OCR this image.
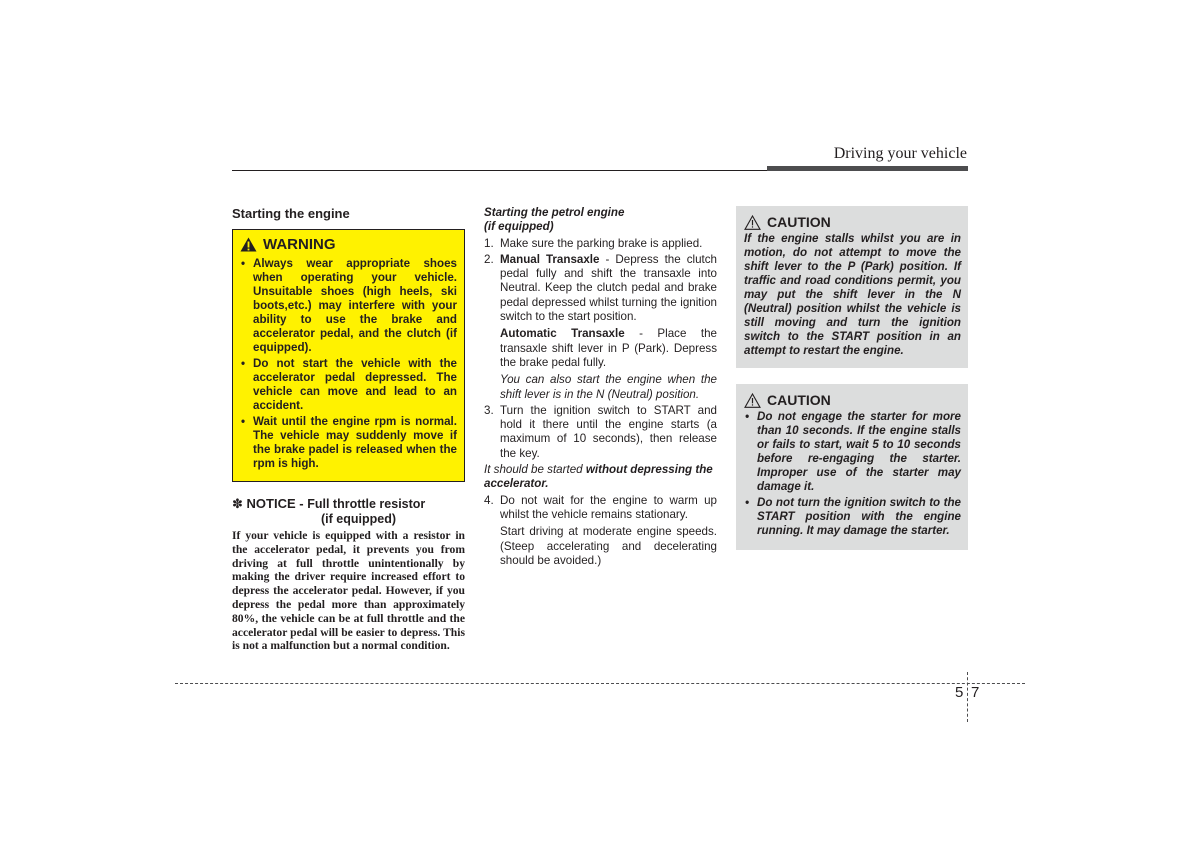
Driving your vehicle
Starting the engine
WARNING
• Always wear appropriate shoes when operating your vehicle. Unsuitable shoes (high heels, ski boots,etc.) may interfere with your ability to use the brake and accelerator pedal, and the clutch (if equipped).
• Do not start the vehicle with the accelerator pedal depressed. The vehicle can move and lead to an accident.
• Wait until the engine rpm is normal. The vehicle may suddenly move if the brake padel is released when the rpm is high.
✽ NOTICE - Full throttle resistor
(if equipped)
If your vehicle is equipped with a resistor in the accelerator pedal, it prevents you from driving at full throttle unintentionally by making the driver require increased effort to depress the accelerator pedal. However, if you depress the pedal more than approximately 80%, the vehicle can be at full throttle and the accelerator pedal will be easier to depress. This is not a malfunction but a normal condition.
Starting the petrol engine
(if equipped)
1. Make sure the parking brake is applied.
2. Manual Transaxle - Depress the clutch pedal fully and shift the transaxle into Neutral. Keep the clutch pedal and brake pedal depressed whilst turning the ignition switch to the start position.
Automatic Transaxle - Place the transaxle shift lever in P (Park). Depress the brake pedal fully.
You can also start the engine when the shift lever is in the N (Neutral) position.
3. Turn the ignition switch to START and hold it there until the engine starts (a maximum of 10 seconds), then release the key.
It should be started without depressing the accelerator.
4. Do not wait for the engine to warm up whilst the vehicle remains stationary.
Start driving at moderate engine speeds. (Steep accelerating and decelerating should be avoided.)
CAUTION
If the engine stalls whilst you are in motion, do not attempt to move the shift lever to the P (Park) position. If traffic and road conditions permit, you may put the shift lever in the N (Neutral) position whilst the vehicle is still moving and turn the ignition switch to the START position in an attempt to restart the engine.
CAUTION
• Do not engage the starter for more than 10 seconds. If the engine stalls or fails to start, wait 5 to 10 seconds before re-engaging the starter. Improper use of the starter may damage it.
• Do not turn the ignition switch to the START position with the engine running. It may damage the starter.
5 7
